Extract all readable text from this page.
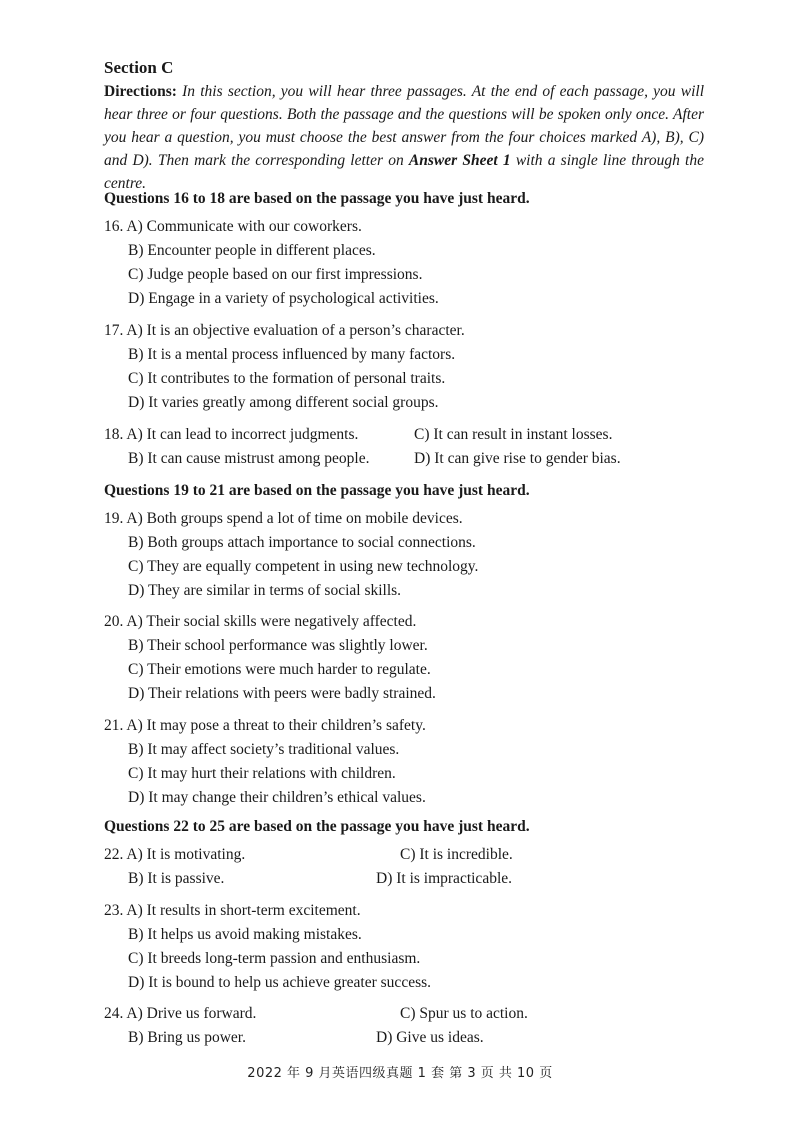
Section C
Directions: In this section, you will hear three passages. At the end of each passage, you will hear three or four questions. Both the passage and the questions will be spoken only once. After you hear a question, you must choose the best answer from the four choices marked A), B), C) and D). Then mark the corresponding letter on Answer Sheet 1 with a single line through the centre.
Questions 16 to 18 are based on the passage you have just heard.
16. A) Communicate with our coworkers.
B) Encounter people in different places.
C) Judge people based on our first impressions.
D) Engage in a variety of psychological activities.
17. A) It is an objective evaluation of a person’s character.
B) It is a mental process influenced by many factors.
C) It contributes to the formation of personal traits.
D) It varies greatly among different social groups.
18. A) It can lead to incorrect judgments.	C) It can result in instant losses.
B) It can cause mistrust among people.	D) It can give rise to gender bias.
Questions 19 to 21 are based on the passage you have just heard.
19. A) Both groups spend a lot of time on mobile devices.
B) Both groups attach importance to social connections.
C) They are equally competent in using new technology.
D) They are similar in terms of social skills.
20. A) Their social skills were negatively affected.
B) Their school performance was slightly lower.
C) Their emotions were much harder to regulate.
D) Their relations with peers were badly strained.
21. A) It may pose a threat to their children’s safety.
B) It may affect society’s traditional values.
C) It may hurt their relations with children.
D) It may change their children’s ethical values.
Questions 22 to 25 are based on the passage you have just heard.
22. A) It is motivating.	C) It is incredible.
B) It is passive.	D) It is impracticable.
23. A) It results in short-term excitement.
B) It helps us avoid making mistakes.
C) It breeds long-term passion and enthusiasm.
D) It is bound to help us achieve greater success.
24. A) Drive us forward.	C) Spur us to action.
B) Bring us power.	D) Give us ideas.
2022 年 9 月英语四级真题 1 套 第 3 页 共 10 页
